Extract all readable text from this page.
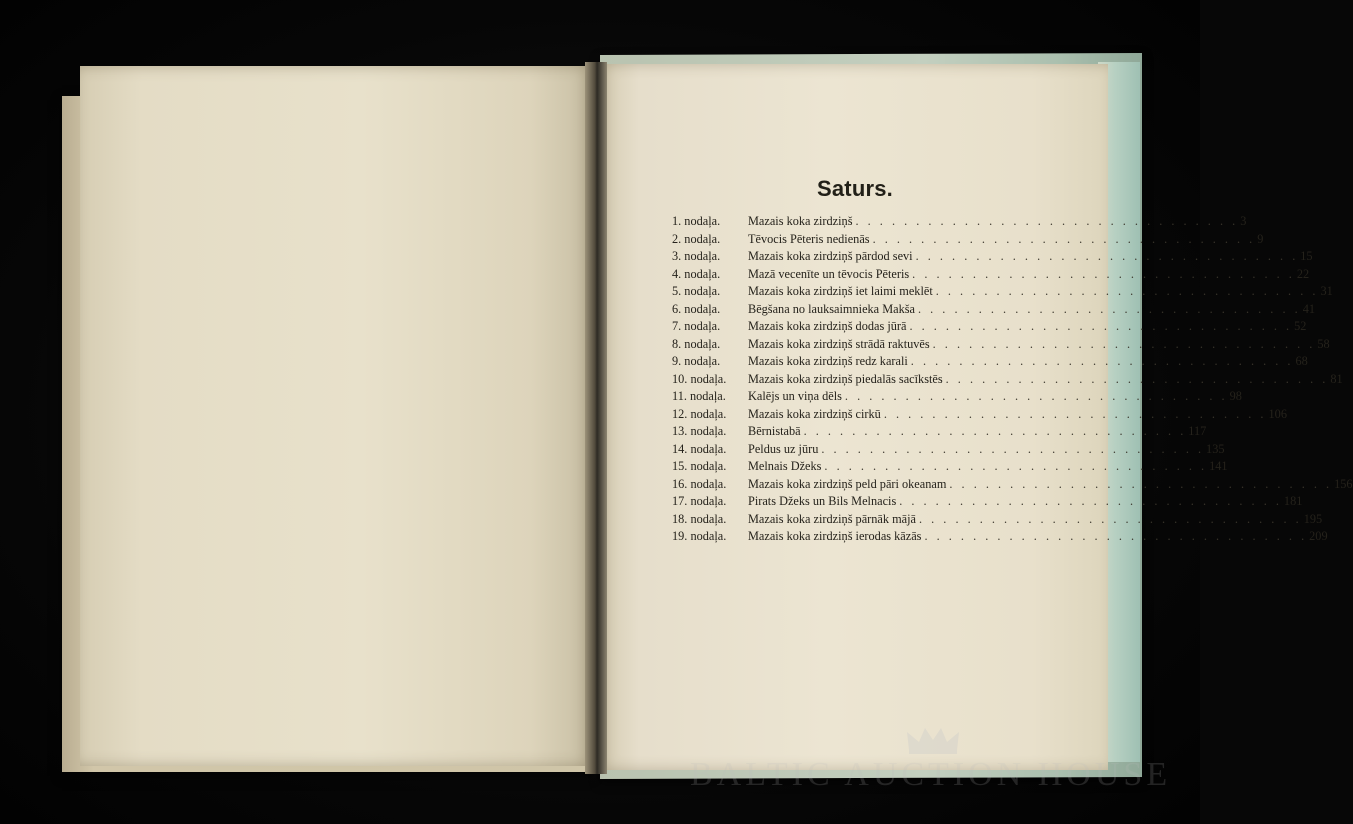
Saturs.
1. nodaļa.	Mazais koka zirdziņš . . . . . . . . . . . . . . . . . . . . . . . . . . . . . . . . 3
2. nodaļa.	Tēvocis Pēteris nedienās . . . . . . . . . . . . . . . . . . . . . . . . . . . . . . . . 9
3. nodaļa.	Mazais koka zirdziņš pārdod sevi . . . . . . . . . . . . . . . . . . . . . . . . . . . . . . . . 15
4. nodaļa.	Mazā vecenīte un tēvocis Pēteris . . . . . . . . . . . . . . . . . . . . . . . . . . . . . . . . 22
5. nodaļa.	Mazais koka zirdziņš iet laimi meklēt . . . . . . . . . . . . . . . . . . . . . . . . . . . . . . . . 31
6. nodaļa.	Bēgšana no lauksaimnieka Makša . . . . . . . . . . . . . . . . . . . . . . . . . . . . . . . . 41
7. nodaļa.	Mazais koka zirdziņš dodas jūrā . . . . . . . . . . . . . . . . . . . . . . . . . . . . . . . . 52
8. nodaļa.	Mazais koka zirdziņš strādā raktuvēs . . . . . . . . . . . . . . . . . . . . . . . . . . . . . . . . 58
9. nodaļa.	Mazais koka zirdziņš redz karali . . . . . . . . . . . . . . . . . . . . . . . . . . . . . . . . 68
10. nodaļa.	Mazais koka zirdziņš piedalās sacīkstēs . . . . . . . . . . . . . . . . . . . . . . . . . . . . . . . . 81
11. nodaļa.	Kalējs un viņa dēls . . . . . . . . . . . . . . . . . . . . . . . . . . . . . . . . 98
12. nodaļa.	Mazais koka zirdziņš cirkū . . . . . . . . . . . . . . . . . . . . . . . . . . . . . . . . 106
13. nodaļa.	Bērnistabā . . . . . . . . . . . . . . . . . . . . . . . . . . . . . . . . 117
14. nodaļa.	Peldus uz jūru . . . . . . . . . . . . . . . . . . . . . . . . . . . . . . . . 135
15. nodaļa.	Melnais Džeks . . . . . . . . . . . . . . . . . . . . . . . . . . . . . . . . 141
16. nodaļa.	Mazais koka zirdziņš peld pāri okeanam . . . . . . . . . . . . . . . . . . . . . . . . . . . . . . . . 156
17. nodaļa.	Pirats Džeks un Bils Melnacis . . . . . . . . . . . . . . . . . . . . . . . . . . . . . . . . 181
18. nodaļa.	Mazais koka zirdziņš pārnāk mājā . . . . . . . . . . . . . . . . . . . . . . . . . . . . . . . . 195
19. nodaļa.	Mazais koka zirdziņš ierodas kāzās . . . . . . . . . . . . . . . . . . . . . . . . . . . . . . . . 209
BALTIC AUCTION HOUSE
